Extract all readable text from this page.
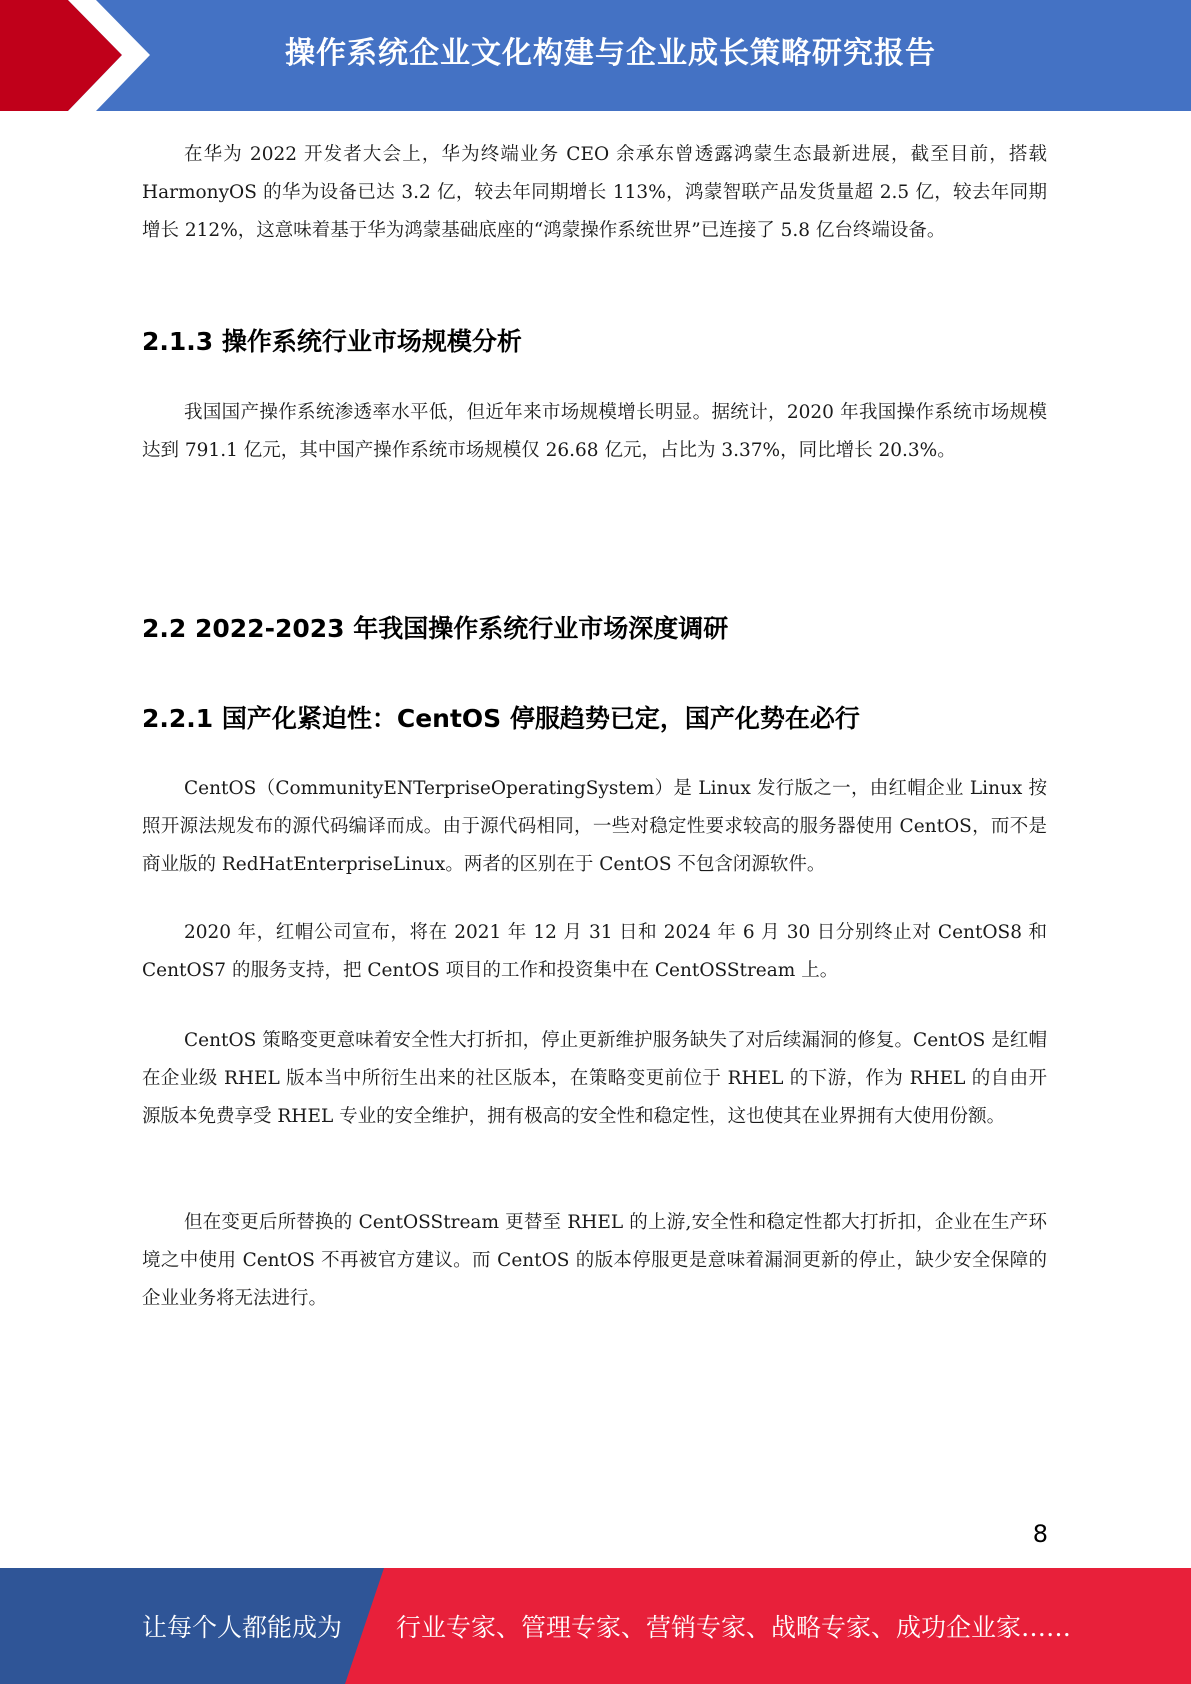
操作系统企业文化构建与企业成长策略研究报告

在华为 2022 开发者大会上，华为终端业务 CEO 余承东曾透露鸿蒙生态最新进展，截至目前，搭载 HarmonyOS 的华为设备已达 3.2 亿，较去年同期增长 113%，鸿蒙智联产品发货量超 2.5 亿，较去年同期增长 212%，这意味着基于华为鸿蒙基础底座的“鸿蒙操作系统世界”已连接了 5.8 亿台终端设备。

2.1.3 操作系统行业市场规模分析

我国国产操作系统渗透率水平低，但近年来市场规模增长明显。据统计，2020 年我国操作系统市场规模达到 791.1 亿元，其中国产操作系统市场规模仅 26.68 亿元，占比为 3.37%，同比增长 20.3%。

2.2 2022-2023 年我国操作系统行业市场深度调研
2.2.1 国产化紧迫性：CentOS 停服趋势已定，国产化势在必行

CentOS（CommunityENTerpriseOperatingSystem）是 Linux 发行版之一，由红帽企业 Linux 按照开源法规发布的源代码编译而成。由于源代码相同，一些对稳定性要求较高的服务器使用 CentOS，而不是商业版的 RedHatEnterpriseLinux。两者的区别在于 CentOS 不包含闭源软件。

2020 年，红帽公司宣布，将在 2021 年 12 月 31 日和 2024 年 6 月 30 日分别终止对 CentOS8 和 CentOS7 的服务支持，把 CentOS 项目的工作和投资集中在 CentOSStream 上。

CentOS 策略变更意味着安全性大打折扣，停止更新维护服务缺失了对后续漏洞的修复。CentOS 是红帽在企业级 RHEL 版本当中所衍生出来的社区版本，在策略变更前位于 RHEL 的下游，作为 RHEL 的自由开源版本免费享受 RHEL 专业的安全维护，拥有极高的安全性和稳定性，这也使其在业界拥有大使用份额。

但在变更后所替换的 CentOSStream 更替至 RHEL 的上游,安全性和稳定性都大打折扣，企业在生产环境之中使用 CentOS 不再被官方建议。而 CentOS 的版本停服更是意味着漏洞更新的停止，缺少安全保障的企业业务将无法进行。

8
让每个人都能成为 行业专家、管理专家、营销专家、战略专家、成功企业家……
